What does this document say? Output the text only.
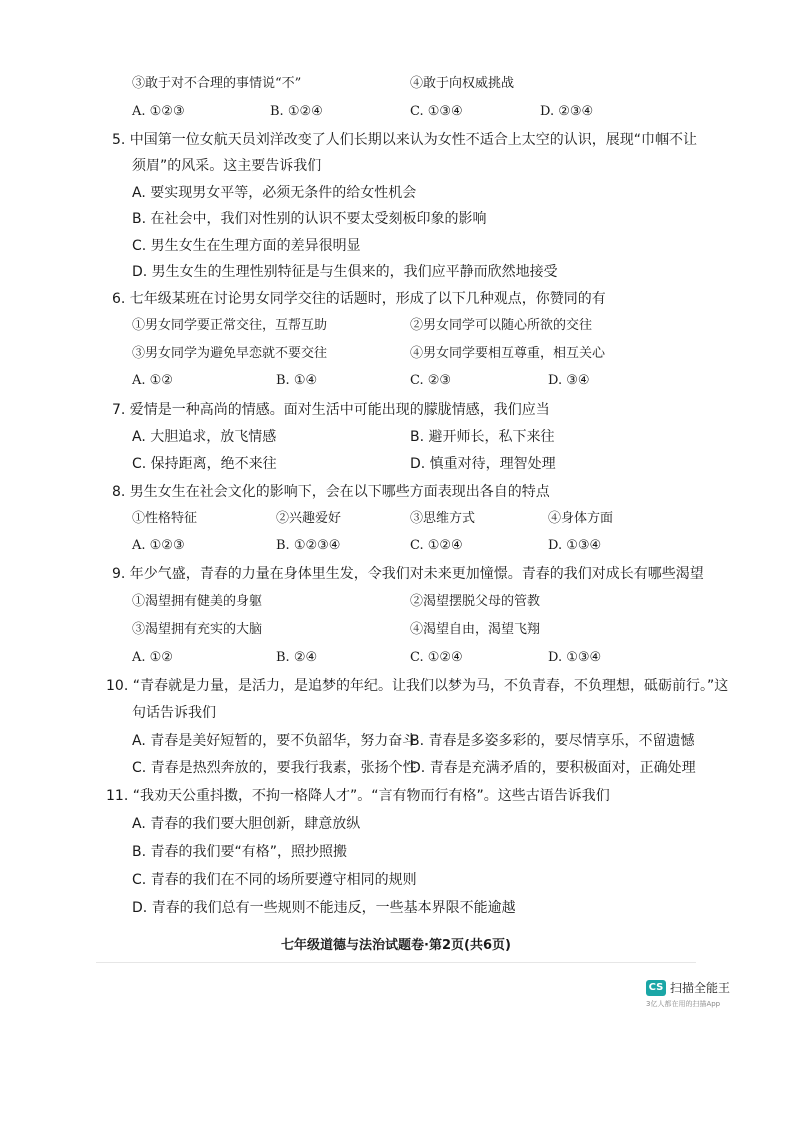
③敢于对不合理的事情说“不”	④敢于向权威挑战
A. ①②③	B. ①②④	C. ①③④	D. ②③④
5. 中国第一位女航天员刘洋改变了人们长期以来认为女性不适合上太空的认识，展现“巾帼不让
须眉”的风采。这主要告诉我们
A. 要实现男女平等，必须无条件的给女性机会
B. 在社会中，我们对性别的认识不要太受刻板印象的影响
C. 男生女生在生理方面的差异很明显
D. 男生女生的生理性别特征是与生俱来的，我们应平静而欣然地接受
6. 七年级某班在讨论男女同学交往的话题时，形成了以下几种观点，你赞同的有
①男女同学要正常交往，互帮互助	②男女同学可以随心所欲的交往
③男女同学为避免早恋就不要交往	④男女同学要相互尊重，相互关心
A. ①②	B. ①④	C. ②③	D. ③④
7. 爱情是一种高尚的情感。面对生活中可能出现的朦胧情感，我们应当
A. 大胆追求，放飞情感	B. 避开师长，私下来往
C. 保持距离，绝不来往	D. 慎重对待，理智处理
8. 男生女生在社会文化的影响下，会在以下哪些方面表现出各自的特点
①性格特征	②兴趣爱好	③思维方式	④身体方面
A. ①②③	B. ①②③④	C. ①②④	D. ①③④
9. 年少气盛，青春的力量在身体里生发，令我们对未来更加憧憬。青春的我们对成长有哪些渴望
①渴望拥有健美的身躯	②渴望摆脱父母的管教
③渴望拥有充实的大脑	④渴望自由，渴望飞翔
A. ①②	B. ②④	C. ①②④	D. ①③④
10. “青春就是力量，是活力，是追梦的年纪。让我们以梦为马，不负青春，不负理想，砥砺前行。”这
句话告诉我们
A. 青春是美好短暂的，要不负韶华，努力奋斗
B. 青春是多姿多彩的，要尽情享乐，不留遗憾
C. 青春是热烈奔放的，要我行我素，张扬个性
D. 青春是充满矛盾的，要积极面对，正确处理
11. “我劝天公重抖擞，不拘一格降人才”。“言有物而行有格”。这些古语告诉我们
A. 青春的我们要大胆创新，肆意放纵
B. 青春的我们要“有格”，照抄照搬
C. 青春的我们在不同的场所要遵守相同的规则
D. 青春的我们总有一些规则不能违反，一些基本界限不能逾越
七年级道德与法治试题卷·第2页(共6页)
CS 扫描全能王
3亿人都在用的扫描App
